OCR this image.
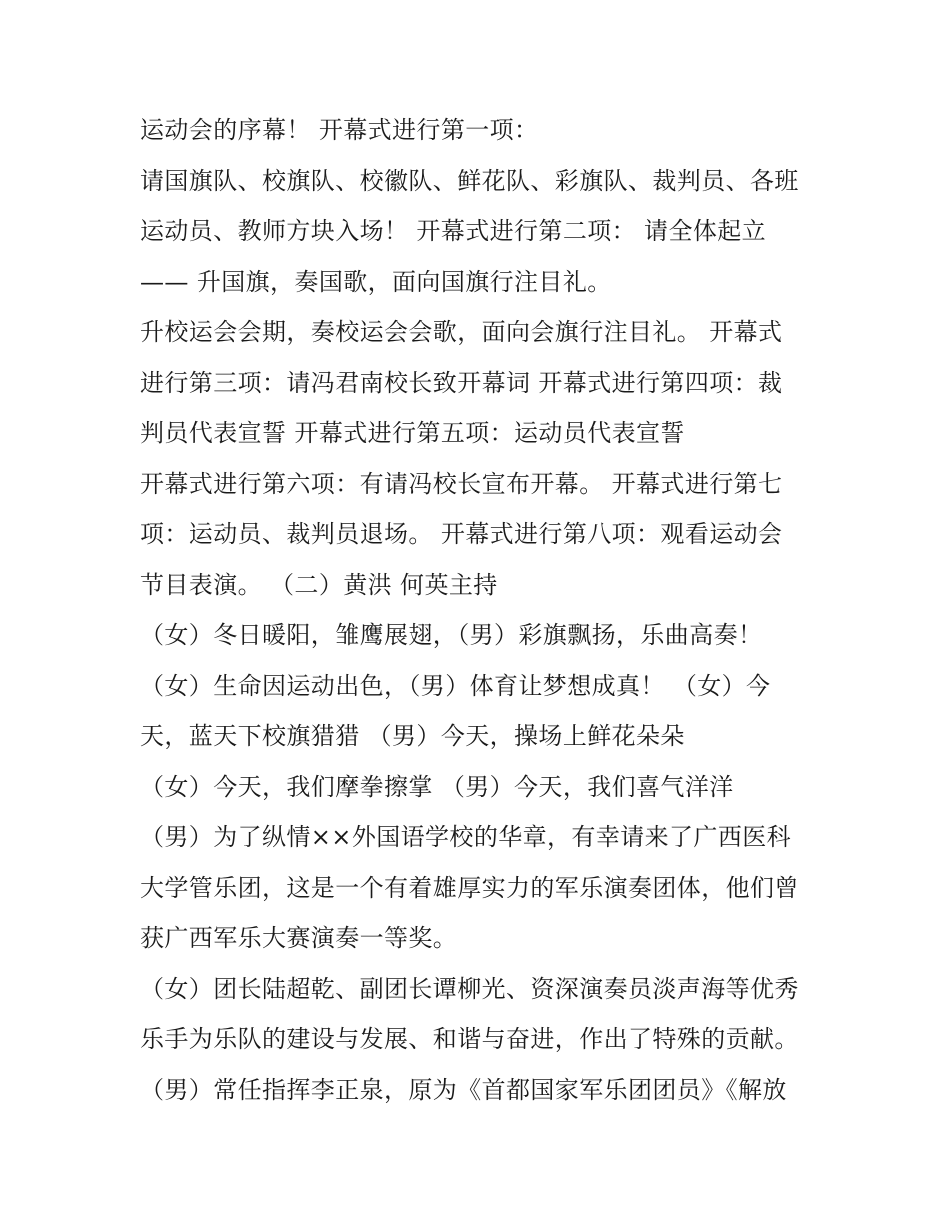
运动会的序幕！ 开幕式进行第一项：
请国旗队、校旗队、校徽队、鲜花队、彩旗队、裁判员、各班
运动员、教师方块入场！ 开幕式进行第二项： 请全体起立
—— 升国旗，奏国歌，面向国旗行注目礼。
升校运会会期，奏校运会会歌，面向会旗行注目礼。 开幕式
进行第三项：请冯君南校长致开幕词 开幕式进行第四项：裁
判员代表宣誓 开幕式进行第五项：运动员代表宣誓
开幕式进行第六项：有请冯校长宣布开幕。 开幕式进行第七
项：运动员、裁判员退场。 开幕式进行第八项：观看运动会
节目表演。 （二）黄洪 何英主持
（女）冬日暖阳，雏鹰展翅，（男）彩旗飘扬，乐曲高奏！
（女）生命因运动出色，（男）体育让梦想成真！ （女）今
天，蓝天下校旗猎猎 （男）今天，操场上鲜花朵朵
（女）今天，我们摩拳擦掌 （男）今天，我们喜气洋洋
（男）为了纵情××外国语学校的华章，有幸请来了广西医科
大学管乐团，这是一个有着雄厚实力的军乐演奏团体，他们曾
获广西军乐大赛演奏一等奖。
（女）团长陆超乾、副团长谭柳光、资深演奏员淡声海等优秀
乐手为乐队的建设与发展、和谐与奋进，作出了特殊的贡献。
（男）常任指挥李正泉，原为《首都国家军乐团团员》《解放
